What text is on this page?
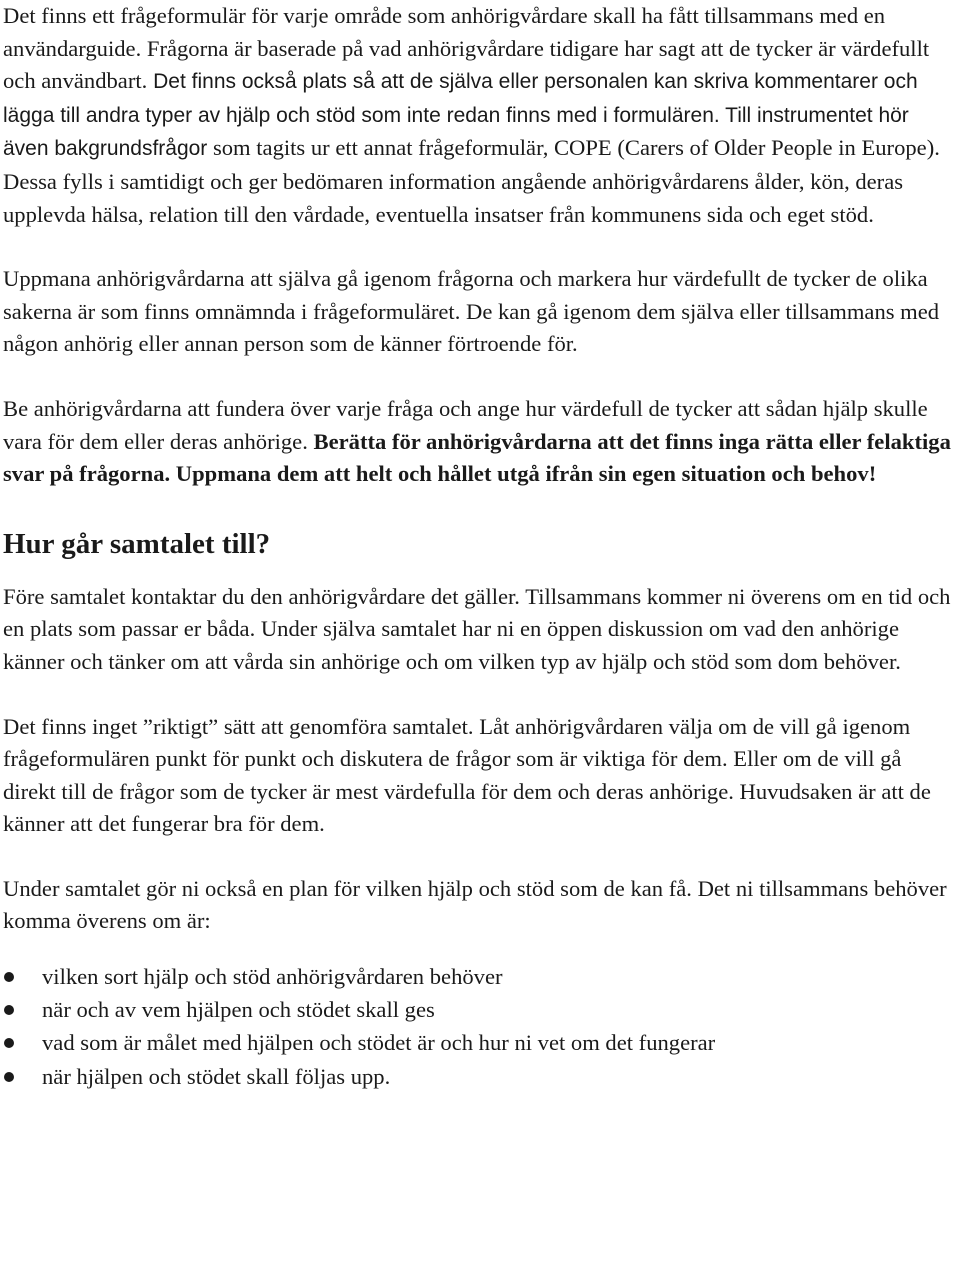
Det finns ett frågeformulär för varje område som anhörigvårdare skall ha fått tillsammans med en användarguide. Frågorna är baserade på vad anhörigvårdare tidigare har sagt att de tycker är värdefullt och användbart. Det finns också plats så att de själva eller personalen kan skriva kommentarer och lägga till andra typer av hjälp och stöd som inte redan finns med i formulären. Till instrumentet hör även bakgrundsfrågor som tagits ur ett annat frågeformulär, COPE (Carers of Older People in Europe). Dessa fylls i samtidigt och ger bedömaren information angående anhörigvårdarens ålder, kön, deras upplevda hälsa, relation till den vårdade, eventuella insatser från kommunens sida och eget stöd.

Uppmana anhörigvårdarna att själva gå igenom frågorna och markera hur värdefullt de tycker de olika sakerna är som finns omnämnda i frågeformuläret. De kan gå igenom dem själva eller tillsammans med någon anhörig eller annan person som de känner förtroende för.

Be anhörigvårdarna att fundera över varje fråga och ange hur värdefull de tycker att sådan hjälp skulle vara för dem eller deras anhörige. Berätta för anhörigvårdarna att det finns inga rätta eller felaktiga svar på frågorna. Uppmana dem att helt och hållet utgå ifrån sin egen situation och behov!

Hur går samtalet till?

Före samtalet kontaktar du den anhörigvårdare det gäller. Tillsammans kommer ni överens om en tid och en plats som passar er båda. Under själva samtalet har ni en öppen diskussion om vad den anhörige känner och tänker om att vårda sin anhörige och om vilken typ av hjälp och stöd som dom behöver.

Det finns inget ”riktigt” sätt att genomföra samtalet. Låt anhörigvårdaren välja om de vill gå igenom frågeformulären punkt för punkt och diskutera de frågor som är viktiga för dem. Eller om de vill gå direkt till de frågor som de tycker är mest värdefulla för dem och deras anhörige. Huvudsaken är att de känner att det fungerar bra för dem.

Under samtalet gör ni också en plan för vilken hjälp och stöd som de kan få. Det ni tillsammans behöver komma överens om är:

vilken sort hjälp och stöd anhörigvårdaren behöver
när och av vem hjälpen och stödet skall ges
vad som är målet med hjälpen och stödet är och hur ni vet om det fungerar
när hjälpen och stödet skall följas upp.
